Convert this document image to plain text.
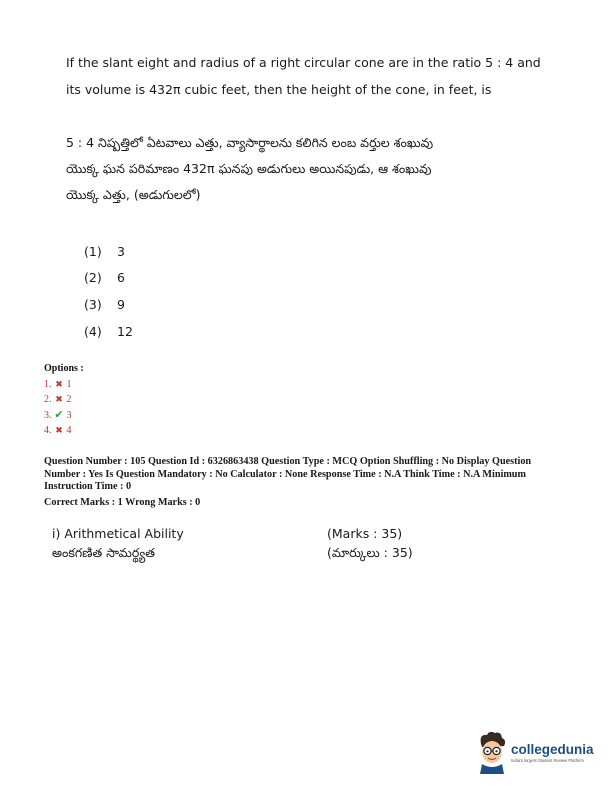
If the slant eight and radius of a right circular cone are in the ratio 5 : 4 and
its volume is 432π cubic feet, then the height of the cone, in feet, is
5 : 4 నిష్పత్తిలో ఏటవాలు ఎత్తు, వ్యాసార్థాలను కలిగిన లంబ వర్తుల శంఖువు
యొక్క ఘన పరిమాణం 432π ఘనపు అడుగులు అయినపుడు, ఆ శంఖువు
యొక్క ఎత్తు, (అడుగులలో)
(1)	3
(2)	6
(3)	9
(4)	12
Options :
1. ✖ 1
2. ✖ 2
3. ✔ 3
4. ✖ 4
Question Number : 105 Question Id : 6326863438 Question Type : MCQ Option Shuffling : No Display Question
Number : Yes Is Question Mandatory : No Calculator : None Response Time : N.A Think Time : N.A Minimum
Instruction Time : 0
Correct Marks : 1 Wrong Marks : 0
i) Arithmetical Ability	(Marks : 35)
అంకగణిత సామర్థ్యత	(మార్కులు : 35)
collegedunia
India's largest Student Review Platform
